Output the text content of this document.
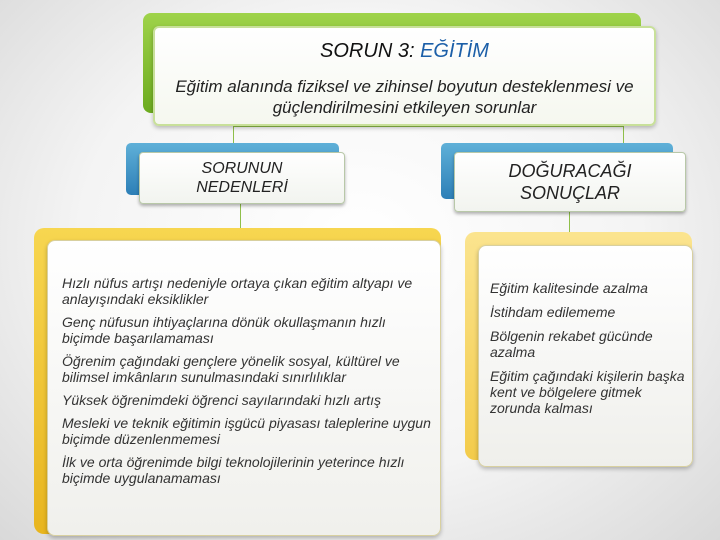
SORUN 3: EĞİTİM
Eğitim alanında fiziksel ve zihinsel boyutun desteklenmesi ve güçlendirilmesini etkileyen sorunlar
SORUNUN NEDENLERİ
DOĞURACAĞI SONUÇLAR
Hızlı nüfus artışı nedeniyle ortaya çıkan eğitim altyapı ve anlayışındaki eksiklikler
Genç nüfusun ihtiyaçlarına dönük okullaşmanın hızlı biçimde başarılamaması
Öğrenim çağındaki gençlere yönelik sosyal, kültürel ve bilimsel imkânların sunulmasındaki sınırlılıklar
Yüksek öğrenimdeki öğrenci sayılarındaki hızlı artış
Mesleki ve teknik eğitimin işgücü piyasası taleplerine uygun biçimde düzenlenmemesi
İlk ve orta öğrenimde bilgi teknolojilerinin yeterince hızlı biçimde uygulanamaması
Eğitim kalitesinde azalma
İstihdam edilememe
Bölgenin rekabet gücünde azalma
Eğitim çağındaki kişilerin başka kent ve bölgelere gitmek zorunda kalması
